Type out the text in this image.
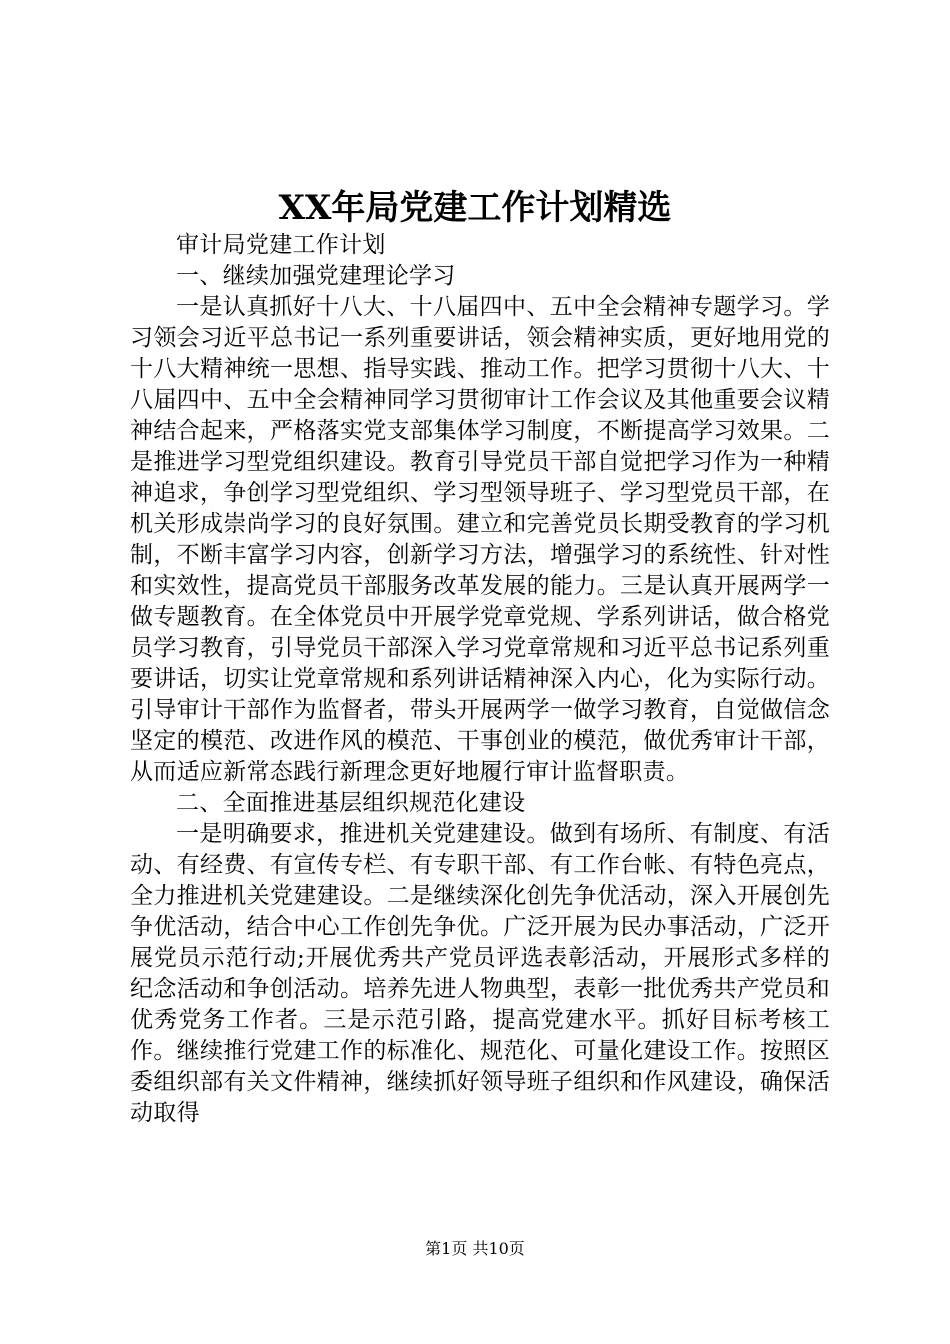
XX年局党建工作计划精选

审计局党建工作计划

一、继续加强党建理论学习

一是认真抓好十八大、十八届四中、五中全会精神专题学习。学习领会习近平总书记一系列重要讲话，领会精神实质，更好地用党的十八大精神统一思想、指导实践、推动工作。把学习贯彻十八大、十八届四中、五中全会精神同学习贯彻审计工作会议及其他重要会议精神结合起来，严格落实党支部集体学习制度，不断提高学习效果。二是推进学习型党组织建设。教育引导党员干部自觉把学习作为一种精神追求，争创学习型党组织、学习型领导班子、学习型党员干部，在机关形成崇尚学习的良好氛围。建立和完善党员长期受教育的学习机制，不断丰富学习内容，创新学习方法，增强学习的系统性、针对性和实效性，提高党员干部服务改革发展的能力。三是认真开展两学一做专题教育。在全体党员中开展学党章党规、学系列讲话，做合格党员学习教育，引导党员干部深入学习党章常规和习近平总书记系列重要讲话，切实让党章常规和系列讲话精神深入内心，化为实际行动。引导审计干部作为监督者，带头开展两学一做学习教育，自觉做信念坚定的模范、改进作风的模范、干事创业的模范，做优秀审计干部，从而适应新常态践行新理念更好地履行审计监督职责。

二、全面推进基层组织规范化建设

一是明确要求，推进机关党建建设。做到有场所、有制度、有活动、有经费、有宣传专栏、有专职干部、有工作台帐、有特色亮点，全力推进机关党建建设。二是继续深化创先争优活动，深入开展创先争优活动，结合中心工作创先争优。广泛开展为民办事活动，广泛开展党员示范行动;开展优秀共产党员评选表彰活动，开展形式多样的纪念活动和争创活动。培养先进人物典型，表彰一批优秀共产党员和优秀党务工作者。三是示范引路，提高党建水平。抓好目标考核工作。继续推行党建工作的标准化、规范化、可量化建设工作。按照区委组织部有关文件精神，继续抓好领导班子组织和作风建设，确保活动取得

第1页 共10页
